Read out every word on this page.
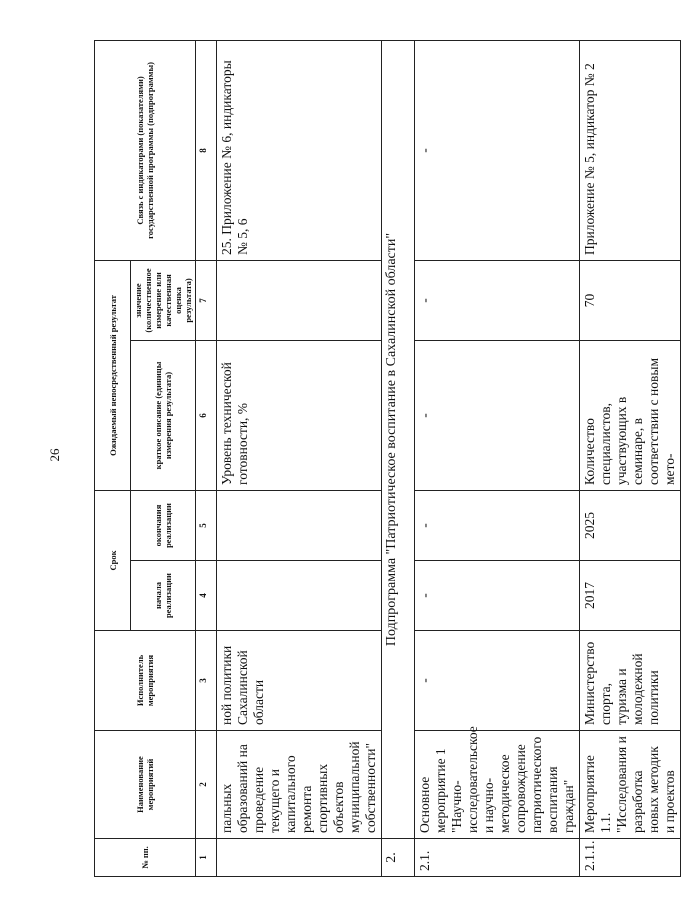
26
№ пп.	Наименование мероприятий	Исполнитель мероприятия	Срок		Ожидаемый непосредственный результат		Связь с индикаторами (показателями) государственной программы (подпрограммы)
			начала реализации	окончания реализации	краткое описание (единицы измерения результата)	значение (количественное измерение или качественная оценка результата)	
1	2	3	4	5	6	7	8
	пальных образований на проведение текущего и капитального ремонта спортивных объектов муниципальной собственности"	ной политики Сахалинской области			Уровень технической готовности, %		25. Приложение № 6, индикаторы № 5, 6
2.	Подпрограмма "Патриотическое воспитание в Сахалинской области"						
2.1.	Основное мероприятие 1 "Научно-исследовательское и научно-методическое сопровождение патриотического воспитания граждан"	-	-	-	-	-	-
2.1.1.	Мероприятие 1.1. "Исследования и разработка новых методик и проектов	Министерство спорта, туризма и молодежной политики	2017	2025	Количество специалистов, участвующих в семинаре, в соответствии с новым мето-	70	Приложение № 5, индикатор № 2
